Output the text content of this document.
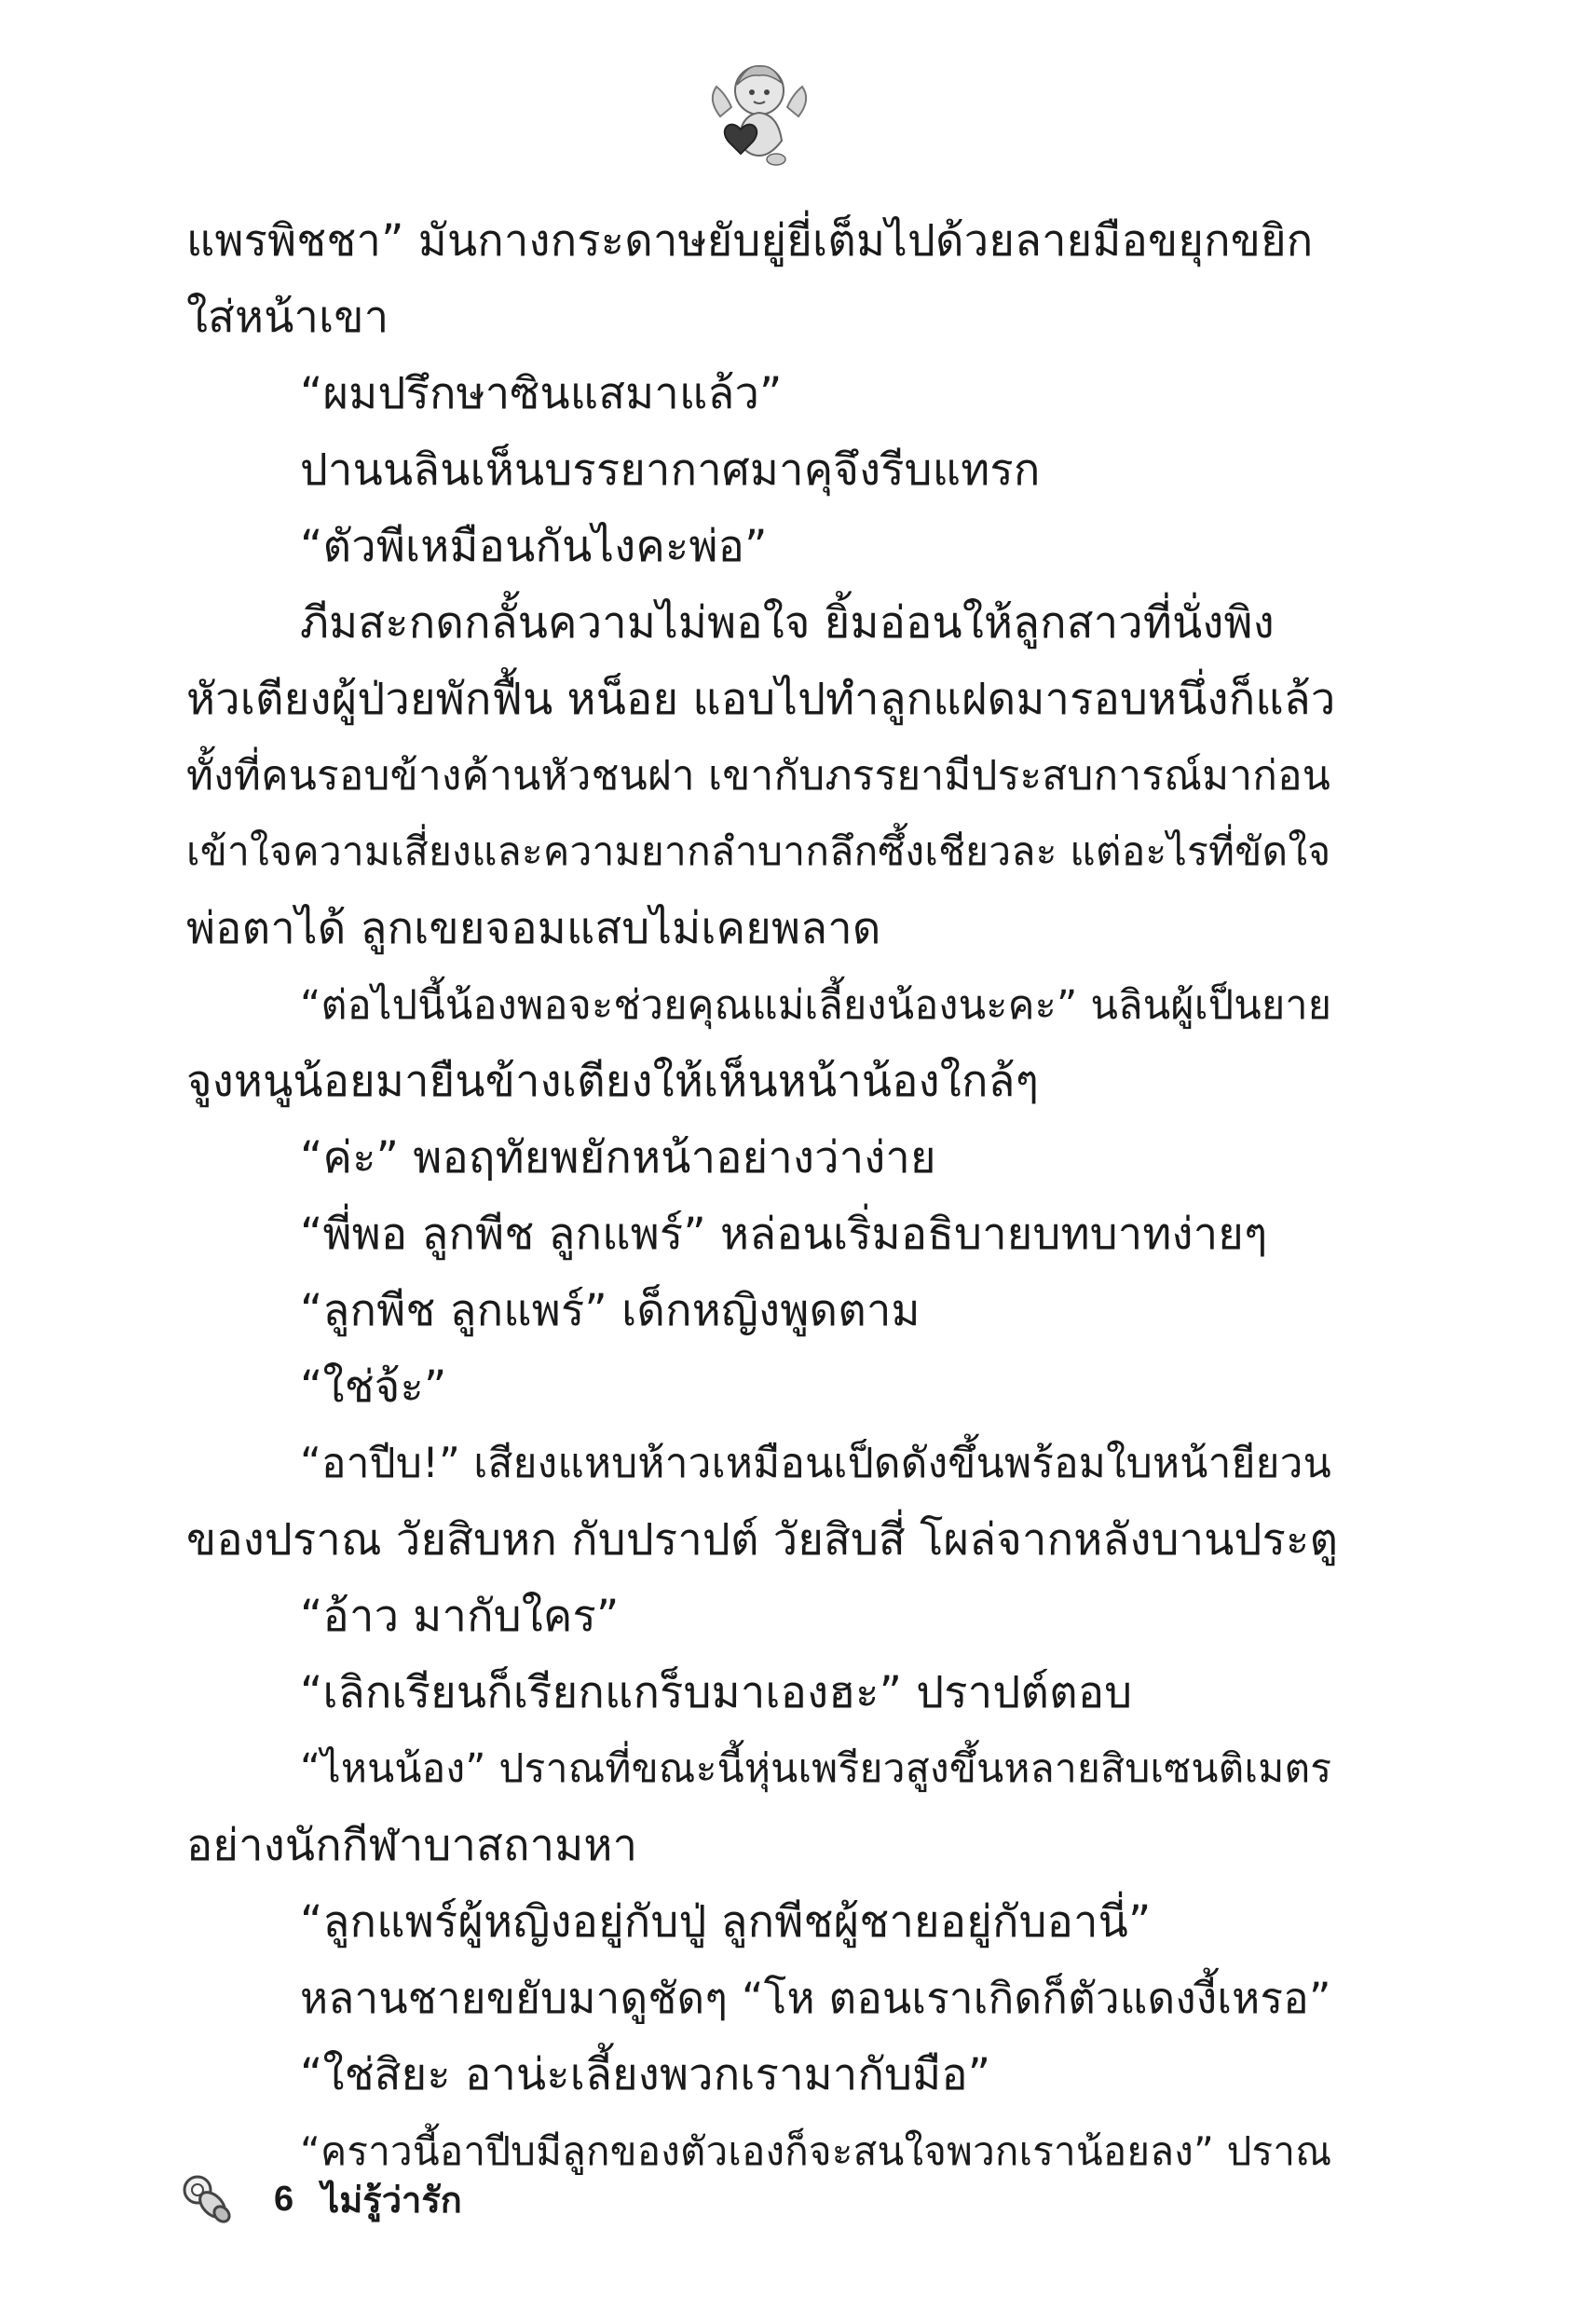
แพรพิชชา” มันกางกระดาษยับยู่ยี่เต็มไปด้วยลายมือขยุกขยิก
ใส่หน้าเขา
“ผมปรึกษาซินแสมาแล้ว”
ปานนลินเห็นบรรยากาศมาคุจึงรีบแทรก
“ตัวพีเหมือนกันไงคะพ่อ”
ภีมสะกดกลั้นความไม่พอใจ ยิ้มอ่อนให้ลูกสาวที่นั่งพิง
หัวเตียงผู้ป่วยพักฟื้น หน็อย แอบไปทำลูกแฝดมารอบหนึ่งก็แล้ว
ทั้งที่คนรอบข้างค้านหัวชนฝา เขากับภรรยามีประสบการณ์มาก่อน
เข้าใจความเสี่ยงและความยากลำบากลึกซึ้งเชียวละ แต่อะไรที่ขัดใจ
พ่อตาได้ ลูกเขยจอมแสบไม่เคยพลาด
“ต่อไปนี้น้องพอจะช่วยคุณแม่เลี้ยงน้องนะคะ” นลินผู้เป็นยาย
จูงหนูน้อยมายืนข้างเตียงให้เห็นหน้าน้องใกล้ๆ
“ค่ะ” พอฤทัยพยักหน้าอย่างว่าง่าย
“พี่พอ ลูกพีช ลูกแพร์” หล่อนเริ่มอธิบายบทบาทง่ายๆ
“ลูกพีช ลูกแพร์” เด็กหญิงพูดตาม
“ใช่จ้ะ”
“อาปีบ!” เสียงแหบห้าวเหมือนเป็ดดังขึ้นพร้อมใบหน้ายียวน
ของปราณ วัยสิบหก กับปราปต์ วัยสิบสี่ โผล่จากหลังบานประตู
“อ้าว มากับใคร”
“เลิกเรียนก็เรียกแกร็บมาเองฮะ” ปราปต์ตอบ
“ไหนน้อง” ปราณที่ขณะนี้หุ่นเพรียวสูงขึ้นหลายสิบเซนติเมตร
อย่างนักกีฬาบาสถามหา
“ลูกแพร์ผู้หญิงอยู่กับปู่ ลูกพีชผู้ชายอยู่กับอานี่”
หลานชายขยับมาดูชัดๆ “โห ตอนเราเกิดก็ตัวแดงงี้เหรอ”
“ใช่สิยะ อาน่ะเลี้ยงพวกเรามากับมือ”
“คราวนี้อาปีบมีลูกของตัวเองก็จะสนใจพวกเราน้อยลง” ปราณ
6 ไม่รู้ว่ารัก
